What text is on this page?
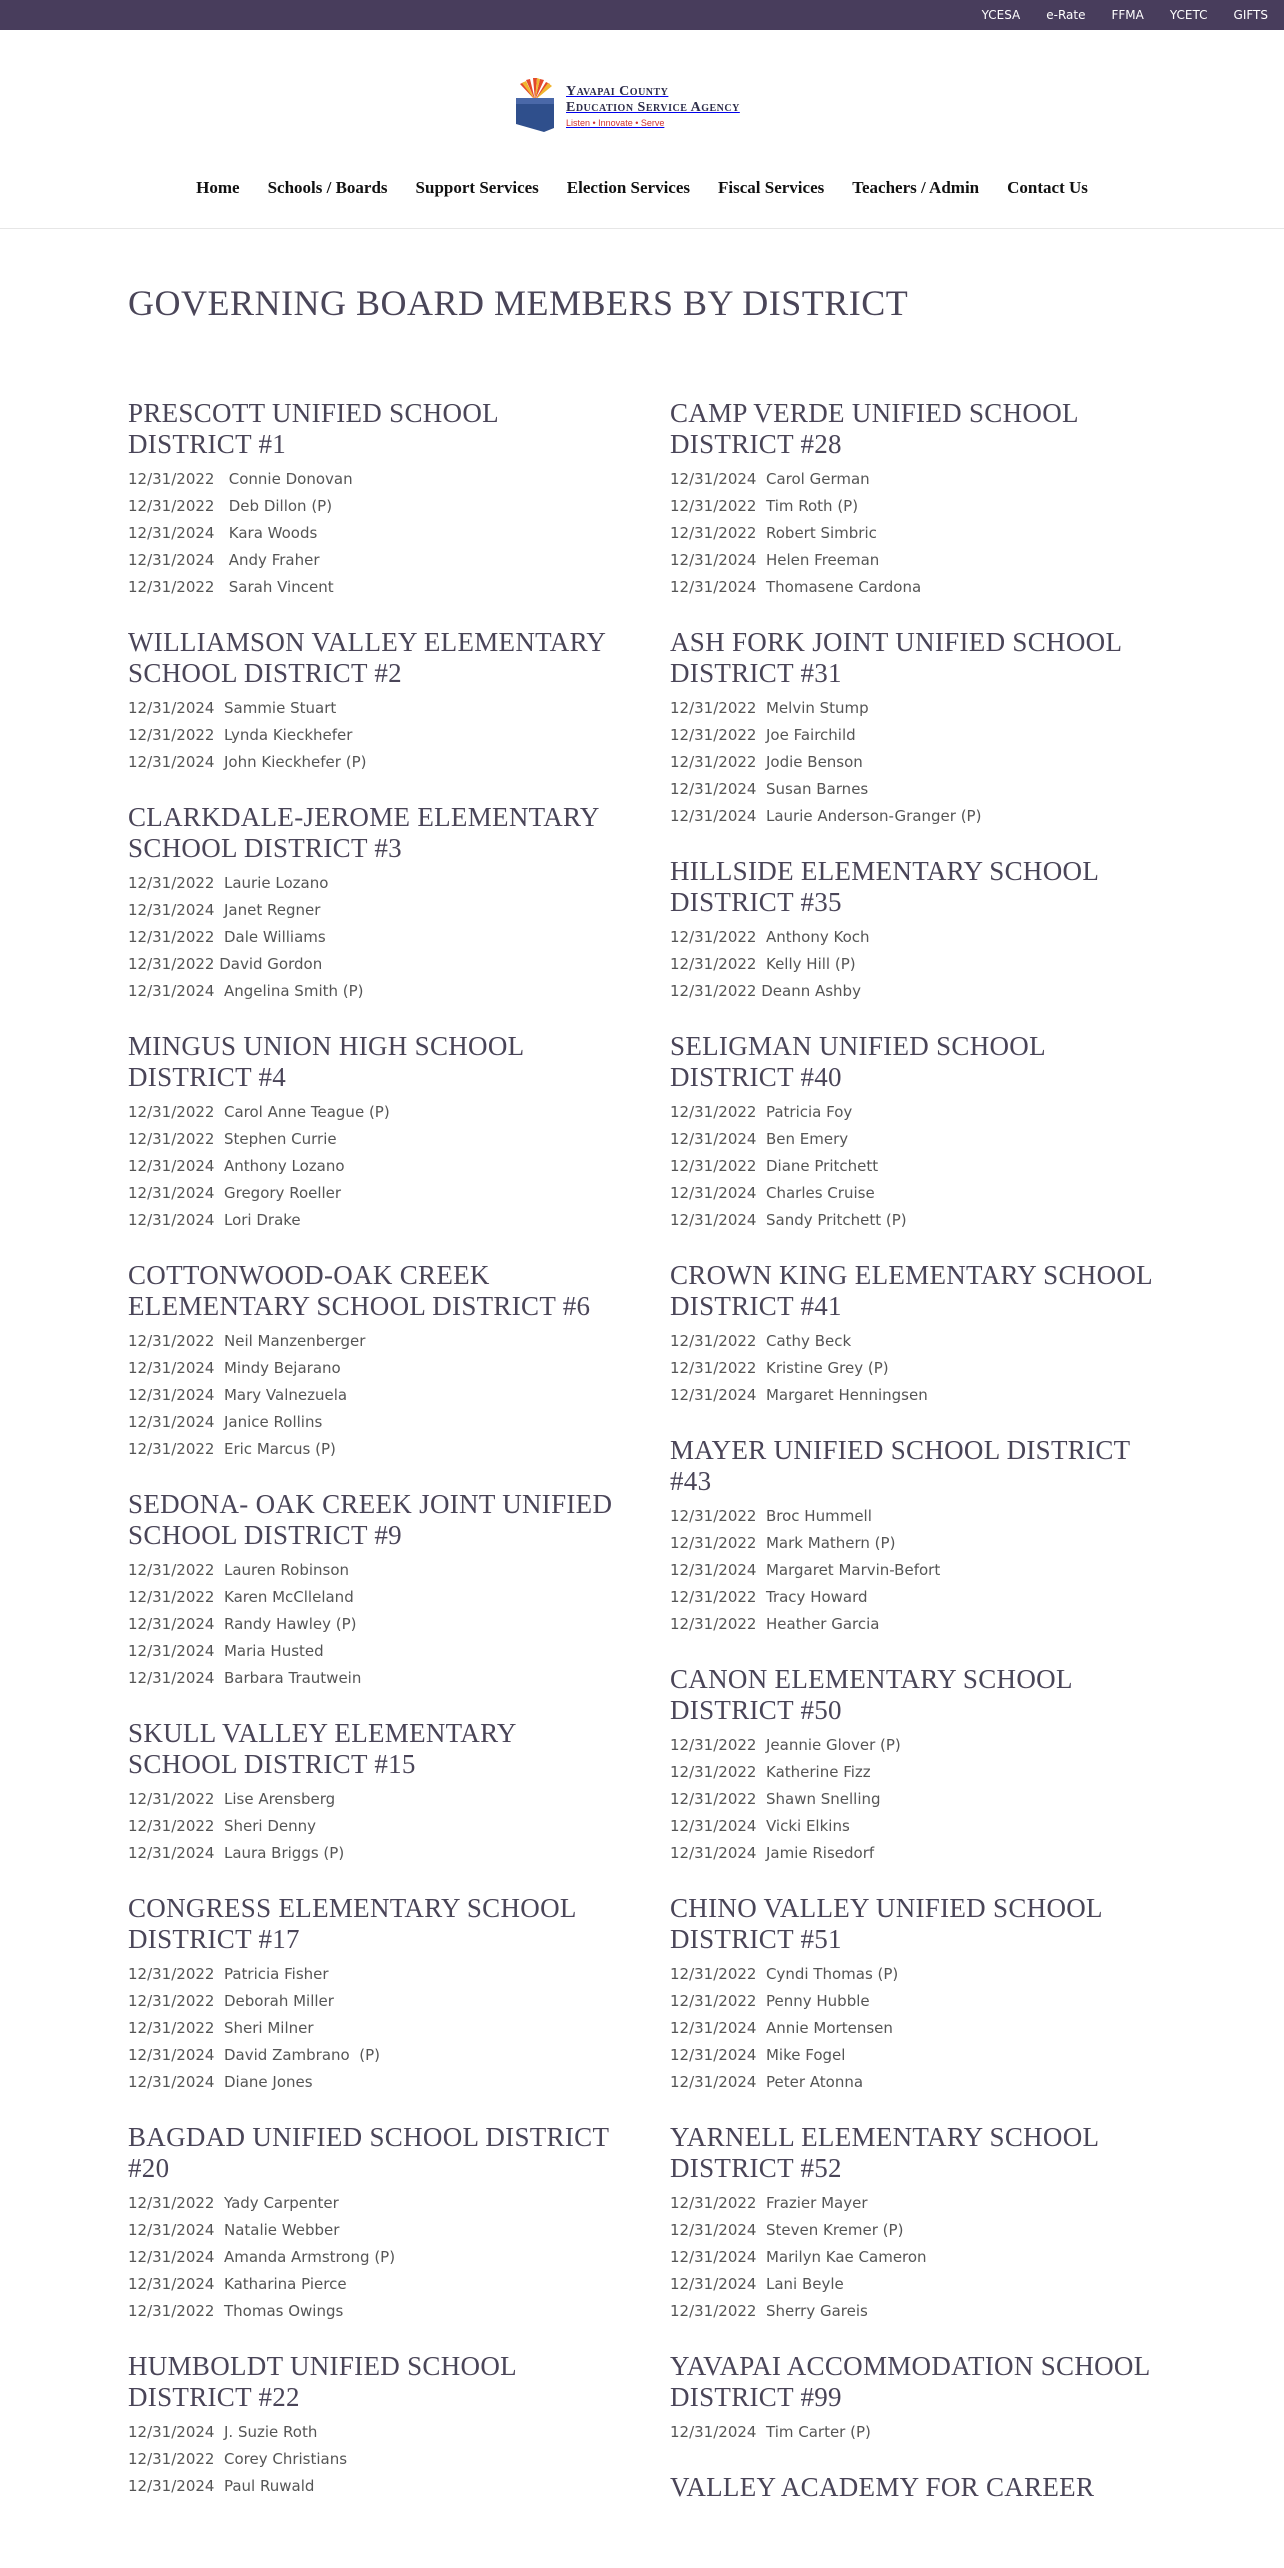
YCESA e-Rate FFMA YCETC GIFTS
Yavapai County
Education Service Agency
Listen • Innovate • Serve
Home Schools / Boards Support Services Election Services Fiscal Services Teachers / Admin Contact Us
GOVERNING BOARD MEMBERS BY DISTRICT
PRESCOTT UNIFIED SCHOOL DISTRICT #1
12/31/2022   Connie Donovan
12/31/2022   Deb Dillon (P)
12/31/2024   Kara Woods
12/31/2024   Andy Fraher
12/31/2022   Sarah Vincent
WILLIAMSON VALLEY ELEMENTARY SCHOOL DISTRICT #2
12/31/2024  Sammie Stuart
12/31/2022  Lynda Kieckhefer
12/31/2024  John Kieckhefer (P)
CLARKDALE-JEROME ELEMENTARY SCHOOL DISTRICT #3
12/31/2022  Laurie Lozano
12/31/2024  Janet Regner
12/31/2022  Dale Williams
12/31/2022 David Gordon
12/31/2024  Angelina Smith (P)
MINGUS UNION HIGH SCHOOL DISTRICT #4
12/31/2022  Carol Anne Teague (P)
12/31/2022  Stephen Currie
12/31/2024  Anthony Lozano
12/31/2024  Gregory Roeller
12/31/2024  Lori Drake
COTTONWOOD-OAK CREEK ELEMENTARY SCHOOL DISTRICT #6
12/31/2022  Neil Manzenberger
12/31/2024  Mindy Bejarano
12/31/2024  Mary Valnezuela
12/31/2024  Janice Rollins
12/31/2022  Eric Marcus (P)
SEDONA- OAK CREEK JOINT UNIFIED SCHOOL DISTRICT #9
12/31/2022  Lauren Robinson
12/31/2022  Karen McClleland
12/31/2024  Randy Hawley (P)
12/31/2024  Maria Husted
12/31/2024  Barbara Trautwein
SKULL VALLEY ELEMENTARY SCHOOL DISTRICT #15
12/31/2022  Lise Arensberg
12/31/2022  Sheri Denny
12/31/2024  Laura Briggs (P)
CONGRESS ELEMENTARY SCHOOL DISTRICT #17
12/31/2022  Patricia Fisher
12/31/2022  Deborah Miller
12/31/2022  Sheri Milner
12/31/2024  David Zambrano  (P)
12/31/2024  Diane Jones
BAGDAD UNIFIED SCHOOL DISTRICT #20
12/31/2022  Yady Carpenter
12/31/2024  Natalie Webber
12/31/2024  Amanda Armstrong (P)
12/31/2024  Katharina Pierce
12/31/2022  Thomas Owings
HUMBOLDT UNIFIED SCHOOL DISTRICT #22
12/31/2024  J. Suzie Roth
12/31/2022  Corey Christians
12/31/2024  Paul Ruwald
CAMP VERDE UNIFIED SCHOOL DISTRICT #28
12/31/2024  Carol German
12/31/2022  Tim Roth (P)
12/31/2022  Robert Simbric
12/31/2024  Helen Freeman
12/31/2024  Thomasene Cardona
ASH FORK JOINT UNIFIED SCHOOL DISTRICT #31
12/31/2022  Melvin Stump
12/31/2022  Joe Fairchild
12/31/2022  Jodie Benson
12/31/2024  Susan Barnes
12/31/2024  Laurie Anderson-Granger (P)
HILLSIDE ELEMENTARY SCHOOL DISTRICT #35
12/31/2022  Anthony Koch
12/31/2022  Kelly Hill (P)
12/31/2022 Deann Ashby
SELIGMAN UNIFIED SCHOOL DISTRICT #40
12/31/2022  Patricia Foy
12/31/2024  Ben Emery
12/31/2022  Diane Pritchett
12/31/2024  Charles Cruise
12/31/2024  Sandy Pritchett (P)
CROWN KING ELEMENTARY SCHOOL DISTRICT #41
12/31/2022  Cathy Beck
12/31/2022  Kristine Grey (P)
12/31/2024  Margaret Henningsen
MAYER UNIFIED SCHOOL DISTRICT #43
12/31/2022  Broc Hummell
12/31/2022  Mark Mathern (P)
12/31/2024  Margaret Marvin-Befort
12/31/2022  Tracy Howard
12/31/2022  Heather Garcia
CANON ELEMENTARY SCHOOL DISTRICT #50
12/31/2022  Jeannie Glover (P)
12/31/2022  Katherine Fizz
12/31/2022  Shawn Snelling
12/31/2024  Vicki Elkins
12/31/2024  Jamie Risedorf
CHINO VALLEY UNIFIED SCHOOL DISTRICT #51
12/31/2022  Cyndi Thomas (P)
12/31/2022  Penny Hubble
12/31/2024  Annie Mortensen
12/31/2024  Mike Fogel
12/31/2024  Peter Atonna
YARNELL ELEMENTARY SCHOOL DISTRICT #52
12/31/2022  Frazier Mayer
12/31/2024  Steven Kremer (P)
12/31/2024  Marilyn Kae Cameron
12/31/2024  Lani Beyle
12/31/2022  Sherry Gareis
YAVAPAI ACCOMMODATION SCHOOL DISTRICT #99
12/31/2024  Tim Carter (P)
VALLEY ACADEMY FOR CAREER
